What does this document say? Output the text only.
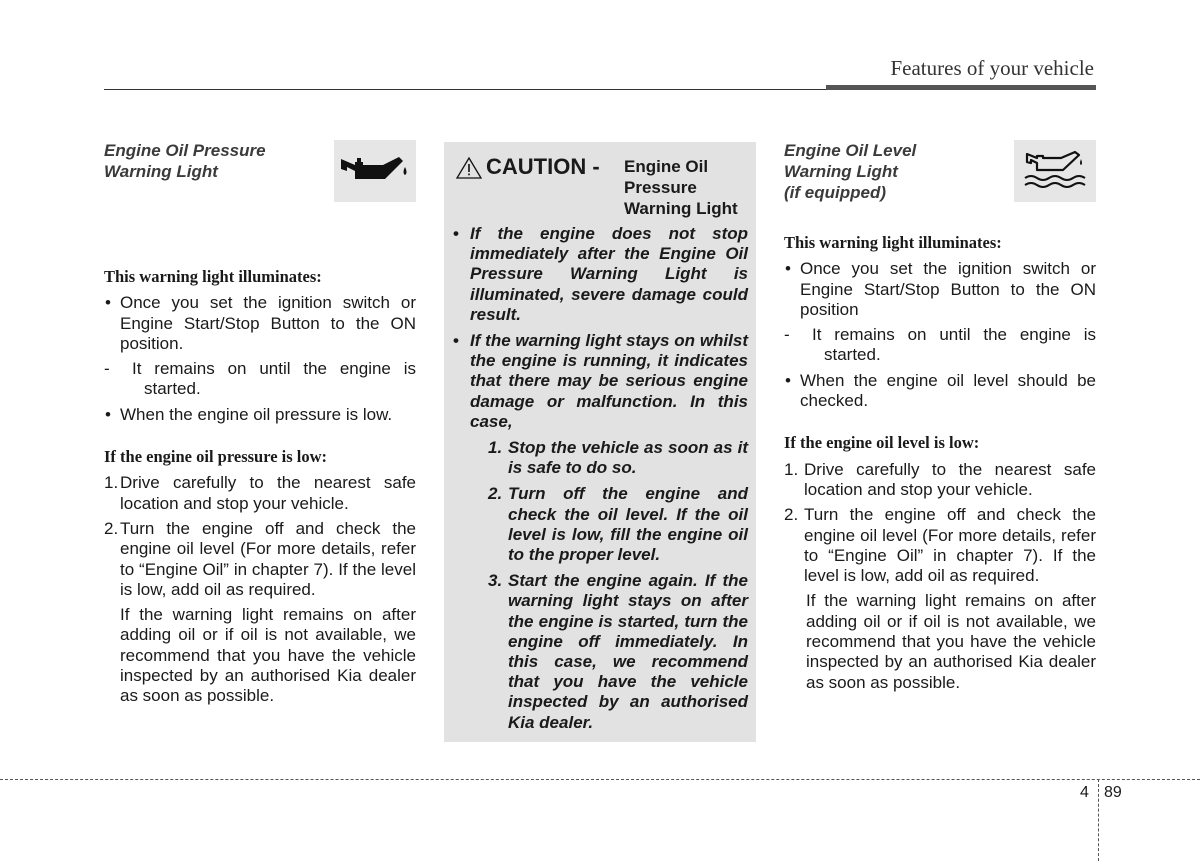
Features of your vehicle
Engine Oil Pressure
Warning Light

This warning light illuminates:

• Once you set the ignition switch or Engine Start/Stop Button to the ON position.
- It remains on until the engine is started.
• When the engine oil pressure is low.

If the engine oil pressure is low:

1. Drive carefully to the nearest safe location and stop your vehicle.
2. Turn the engine off and check the engine oil level (For more details, refer to “Engine Oil” in chapter 7). If the level is low, add oil as required.
If the warning light remains on after adding oil or if oil is not available, we recommend that you have the vehicle inspected by an authorised Kia dealer as soon as possible.
CAUTION - Engine Oil
Pressure
Warning Light
• If the engine does not stop immediately after the Engine Oil Pressure Warning Light is illuminated, severe damage could result.
• If the warning light stays on whilst the engine is running, it indicates that there may be serious engine damage or malfunction. In this case,
1. Stop the vehicle as soon as it is safe to do so.
2. Turn off the engine and check the oil level. If the oil level is low, fill the engine oil to the proper level.
3. Start the engine again. If the warning light stays on after the engine is started, turn the engine off immediately. In this case, we recommend that you have the vehicle inspected by an authorised Kia dealer.
Engine Oil Level
Warning Light
(if equipped)

This warning light illuminates:

• Once you set the ignition switch or Engine Start/Stop Button to the ON position
- It remains on until the engine is started.
• When the engine oil level should be checked.

If the engine oil level is low:

1. Drive carefully to the nearest safe location and stop your vehicle.
2. Turn the engine off and check the engine oil level (For more details, refer to “Engine Oil” in chapter 7). If the level is low, add oil as required.
If the warning light remains on after adding oil or if oil is not available, we recommend that you have the vehicle inspected by an authorised Kia dealer as soon as possible.
4 89
